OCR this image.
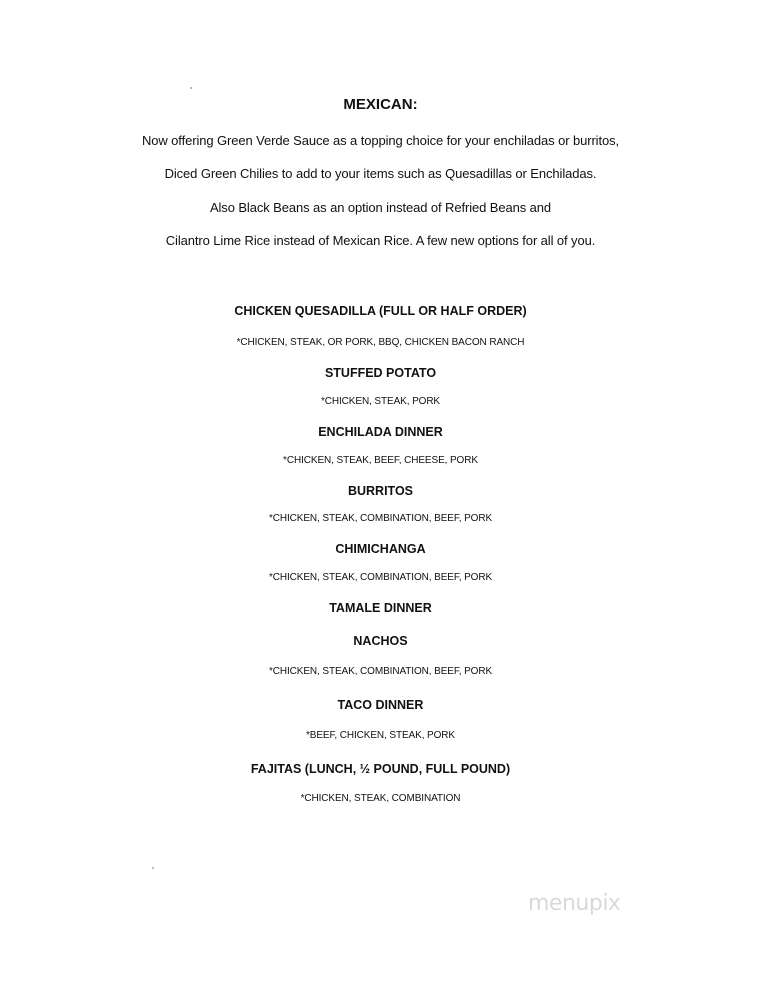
MEXICAN:
Now offering Green Verde Sauce as a topping choice for your enchiladas or burritos,
Diced Green Chilies to add to your items such as Quesadillas or Enchiladas.
Also Black Beans as an option instead of Refried Beans and
Cilantro Lime Rice instead of Mexican Rice. A few new options for all of you.
CHICKEN QUESADILLA (FULL OR HALF ORDER)
*CHICKEN, STEAK, OR PORK, BBQ, CHICKEN BACON RANCH
STUFFED POTATO
*CHICKEN, STEAK, PORK
ENCHILADA DINNER
*CHICKEN, STEAK, BEEF, CHEESE, PORK
BURRITOS
*CHICKEN, STEAK, COMBINATION, BEEF, PORK
CHIMICHANGA
*CHICKEN, STEAK, COMBINATION, BEEF, PORK
TAMALE DINNER
NACHOS
*CHICKEN, STEAK, COMBINATION, BEEF, PORK
TACO DINNER
*BEEF, CHICKEN, STEAK, PORK
FAJITAS (LUNCH, ½ POUND, FULL POUND)
*CHICKEN, STEAK, COMBINATION
menupix
